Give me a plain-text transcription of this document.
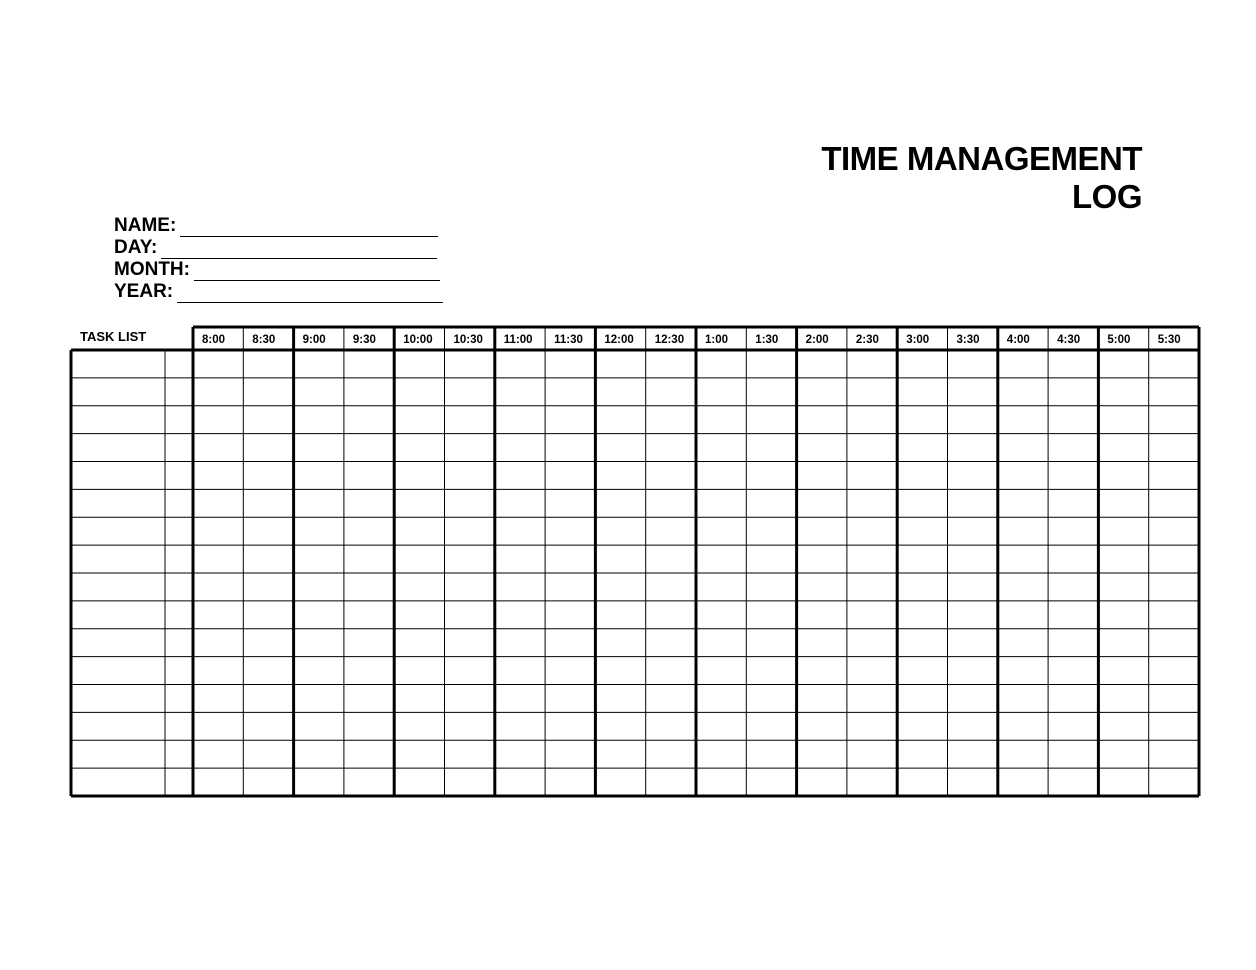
TIME MANAGEMENT
LOG
NAME:
DAY:
MONTH:
YEAR:
TASK LIST	8:00 8:30 9:00 9:30 10:00 10:30 11:00 11:30 12:00 12:30 1:00 1:30 2:00 2:30 3:00 3:30 4:00 4:30 5:00 5:30
